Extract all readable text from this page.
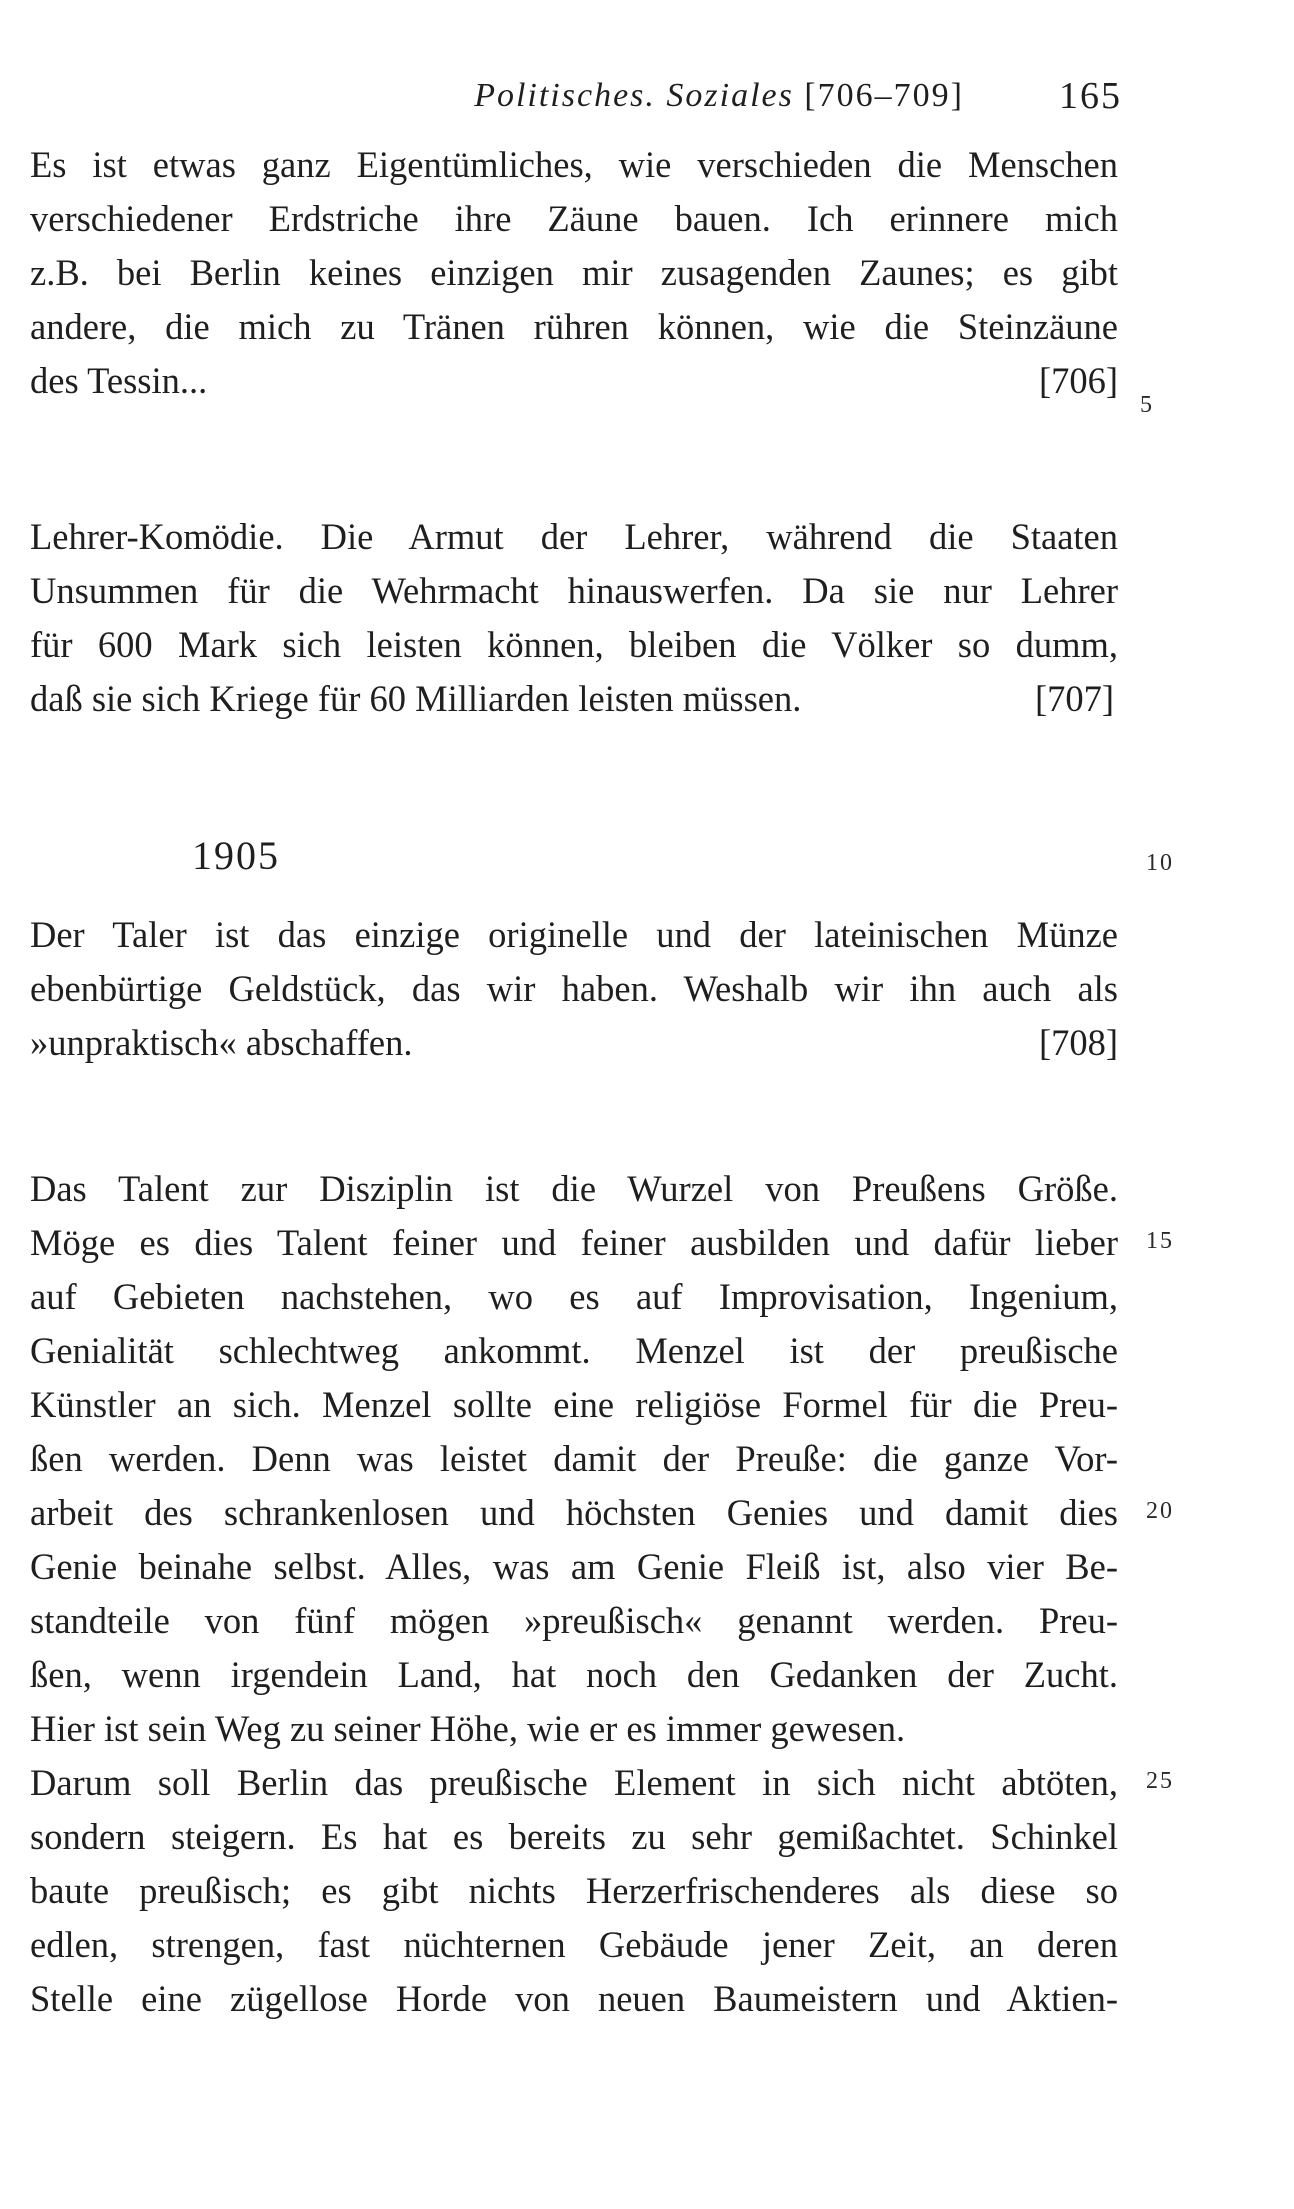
Politisches. Soziales [706–709]	165
Es ist etwas ganz Eigentümliches, wie verschieden die Menschen
verschiedener Erdstriche ihre Zäune bauen. Ich erinnere mich
z.B. bei Berlin keines einzigen mir zusagenden Zaunes; es gibt
andere, die mich zu Tränen rühren können, wie die Steinzäune
des Tessin...	[706]
Lehrer-Komödie. Die Armut der Lehrer, während die Staaten
Unsummen für die Wehrmacht hinauswerfen. Da sie nur Lehrer
für 600 Mark sich leisten können, bleiben die Völker so dumm,
daß sie sich Kriege für 60 Milliarden leisten müssen.	[707]
1905
Der Taler ist das einzige originelle und der lateinischen Münze
ebenbürtige Geldstück, das wir haben. Weshalb wir ihn auch als
»unpraktisch« abschaffen.	[708]
Das Talent zur Disziplin ist die Wurzel von Preußens Größe.
Möge es dies Talent feiner und feiner ausbilden und dafür lieber
auf Gebieten nachstehen, wo es auf Improvisation, Ingenium,
Genialität schlechtweg ankommt. Menzel ist der preußische
Künstler an sich. Menzel sollte eine religiöse Formel für die Preu-
ßen werden. Denn was leistet damit der Preuße: die ganze Vor-
arbeit des schrankenlosen und höchsten Genies und damit dies
Genie beinahe selbst. Alles, was am Genie Fleiß ist, also vier Be-
standteile von fünf mögen »preußisch« genannt werden. Preu-
ßen, wenn irgendein Land, hat noch den Gedanken der Zucht.
Hier ist sein Weg zu seiner Höhe, wie er es immer gewesen.
Darum soll Berlin das preußische Element in sich nicht abtöten,
sondern steigern. Es hat es bereits zu sehr gemißachtet. Schinkel
baute preußisch; es gibt nichts Herzerfrischenderes als diese so
edlen, strengen, fast nüchternen Gebäude jener Zeit, an deren
Stelle eine zügellose Horde von neuen Baumeistern und Aktien-
5
10
15
20
25
